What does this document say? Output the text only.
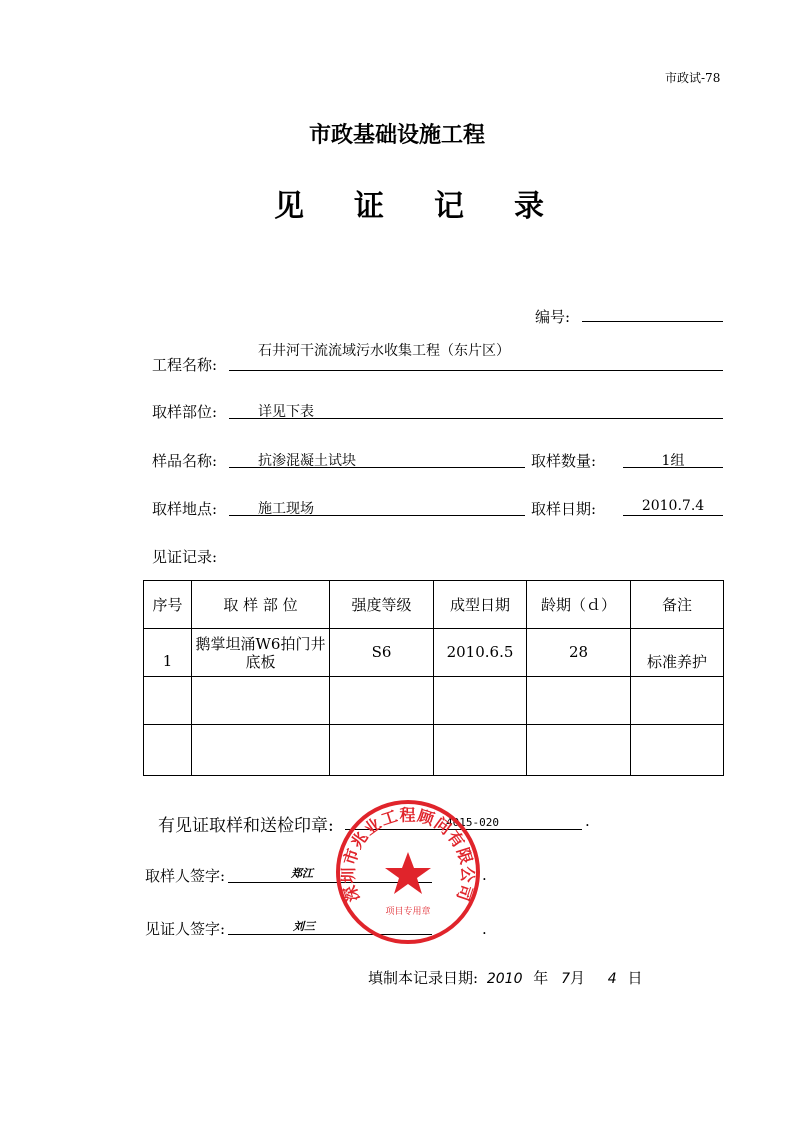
市政试-78
市政基础设施工程
见 证 记 录
编号:
工程名称:
石井河干流流域污水收集工程（东片区）
取样部位:	详见下表
样品名称:	抗渗混凝土试块	取样数量:	1组
取样地点:	施工现场	取样日期:	2010.7.4
见证记录:
序号	取 样 部 位	强度等级	成型日期	龄期（ｄ）	备注
1	鹅掌坦涌W6拍门井底板	S6	2010.6.5	28	标准养护

有见证取样和送检印章:	4015-020	.
取样人签字:	郑江	.
见证人签字:	刘三	.
深圳市兆业工程顾问有限公司
项目专用章
填制本记录日期: 2010 年 7月 4 日
